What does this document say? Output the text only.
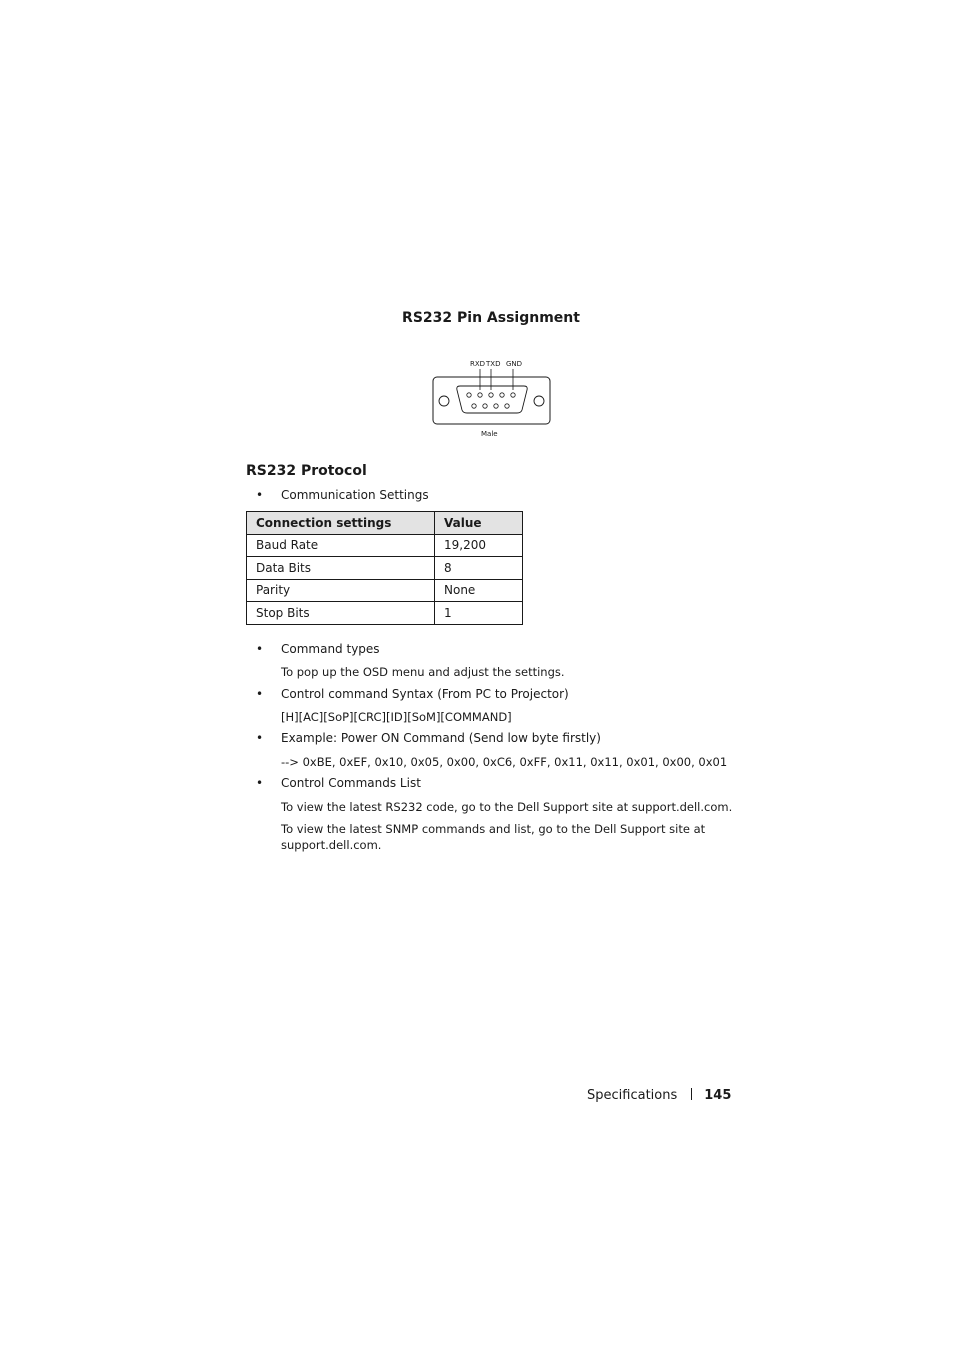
RS232 Pin Assignment
RXD TXD GND
Male
RS232 Protocol
• Communication Settings
Connection settings	Value
Baud Rate	19,200
Data Bits	8
Parity	None
Stop Bits	1
• Command types
To pop up the OSD menu and adjust the settings.
• Control command Syntax (From PC to Projector)
[H][AC][SoP][CRC][ID][SoM][COMMAND]
• Example: Power ON Command (Send low byte firstly)
--> 0xBE, 0xEF, 0x10, 0x05, 0x00, 0xC6, 0xFF, 0x11, 0x11, 0x01, 0x00, 0x01
• Control Commands List
To view the latest RS232 code, go to the Dell Support site at support.dell.com.
To view the latest SNMP commands and list, go to the Dell Support site at
support.dell.com.
Specifications 145
